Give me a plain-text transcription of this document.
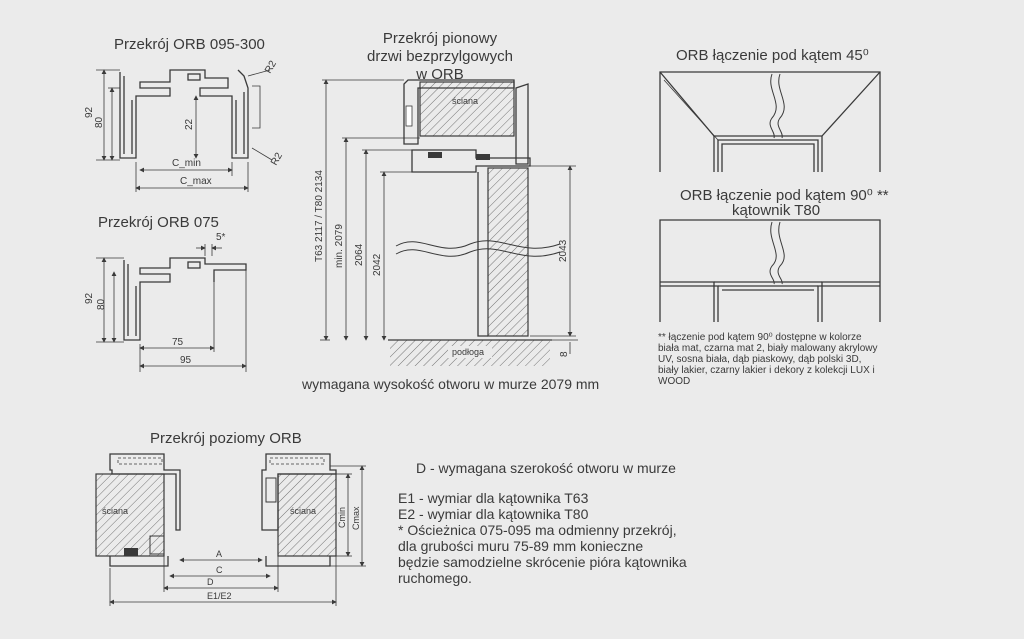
92
80	22
R2
R2
C_min
C_max
92
80
5*
75
95
T63 2117 / T80 2134 min. 2079 2064 2042
2043
8
ściana
podłoga
A
C
D
E1/E2
Cmin Cmax
ściana	ściana
Przekrój ORB 095-300
Przekrój ORB 075
Przekrój pionowy drzwi bezprzylgowych w ORB
ORB łączenie pod kątem 45⁰
ORB łączenie pod kątem 90⁰ **
kątownik T80
Przekrój poziomy ORB
wymagana wysokość otworu w murze 2079 mm
** łączenie pod kątem 90⁰ dostępne w kolorze biała mat, czarna mat 2, biały malowany akrylowy UV, sosna biała, dąb piaskowy, dąb polski 3D, biały lakier, czarny lakier i dekory z kolekcji LUX i WOOD
D - wymagana szerokość otworu w murze
E1 - wymiar dla kątownika T63
E2 - wymiar dla kątownika T80
* Ościeżnica 075-095 ma odmienny przekrój,
dla grubości muru 75-89 mm konieczne
będzie samodzielne skrócenie pióra kątownika
ruchomego.
